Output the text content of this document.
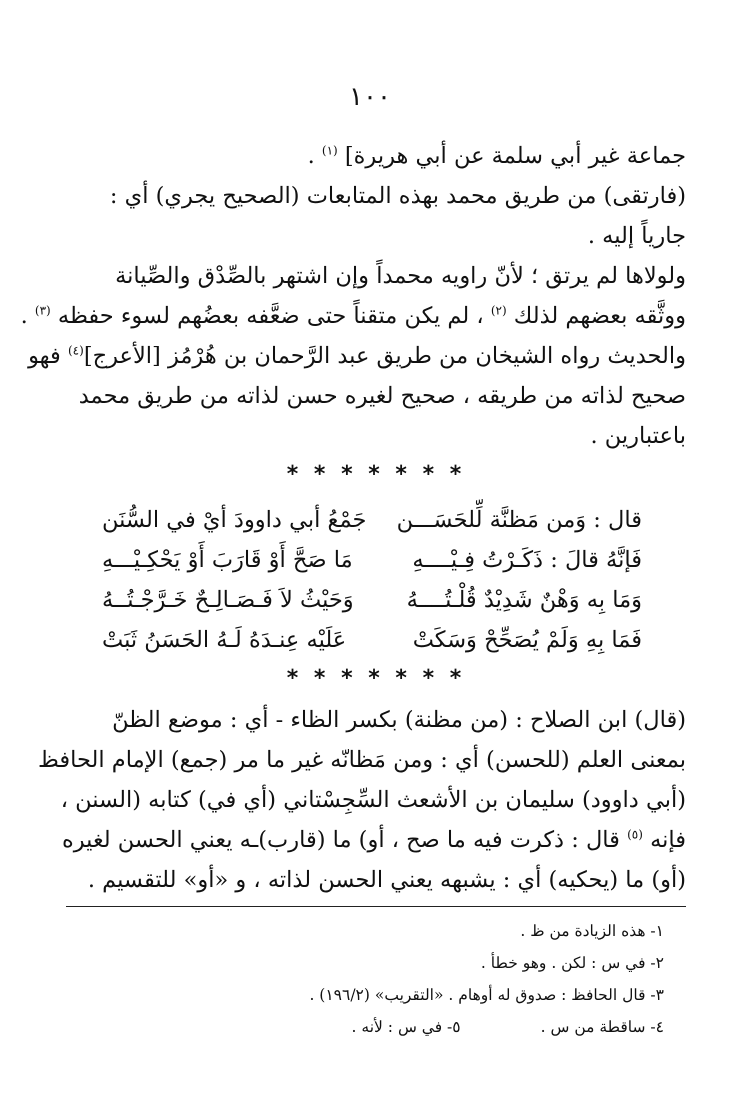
١٠٠
جماعة غير أبي سلمة عن أبي هريرة] $^{(١)}$ .
(فارتقى) من طريق محمد بهذه المتابعات (الصحيح يجري) أي :
جارياً إليه .
ولولاها لم يرتق ؛ لأنّ راويه محمداً وإن اشتهر بالصِّدْق والصِّيانة
ووثَّقه بعضهم لذلك $^{(٢)}$ ، لم يكن متقناً حتى ضعَّفه بعضُهم لسوء حفظه $^{(٣)}$ .
والحديث رواه الشيخان من طريق عبد الرَّحمان بن هُرْمُز [الأعرج]$^{(٤)}$ فهو
صحيح لذاته من طريقه ، صحيح لغيره حسن لذاته من طريق محمد
باعتبارين .
* * * * * * *
قال : وَمن مَظنَّة لِّلحَسَـــن
جَمْعُ أبي داوودَ أيْ في السُّنَن
فَإنَّهُ قالَ : ذَكَـرْتُ فِـيْــــهِ
مَا صَحَّ أَوْ قَارَبَ أَوْ يَحْكِـيْـــهِ
وَمَا بِه وَهْنٌ شَدِيْدٌ قُلْـتُــــهُ
وَحَيْثُ لاَ فَـصَـالِـحٌ خَـرَّجْـتُــهُ
فَمَا بِهِ وَلَمْ يُصَحِّحْ وَسَكَتْ
عَلَيْه عِنـدَهُ لَـهُ الحَسَنُ ثَبَتْ
* * * * * * *
(قال) ابن الصلاح : (من مظنة) بكسر الظاء - أي : موضع الظنّ
بمعنى العلم (للحسن) أي : ومن مَظانّه غير ما مر (جمع) الإمام الحافظ
(أبي داوود) سليمان بن الأشعث السِّجِسْتاني (أي في) كتابه (السنن ،
فإنه $^{(٥)}$ قال : ذكرت فيه ما صح ، أو) ما (قارب)ـه يعني الحسن لغيره
(أو) ما (يحكيه) أي : يشبهه يعني الحسن لذاته ، و «أو» للتقسيم .
١- هذه الزيادة من ظ .
٢- في س : لكن . وهو خطأ .
٣- قال الحافظ : صدوق له أوهام . «التقريب» (١٩٦/٢) .
٤- ساقطة من س .
٥- في س : لأنه .
